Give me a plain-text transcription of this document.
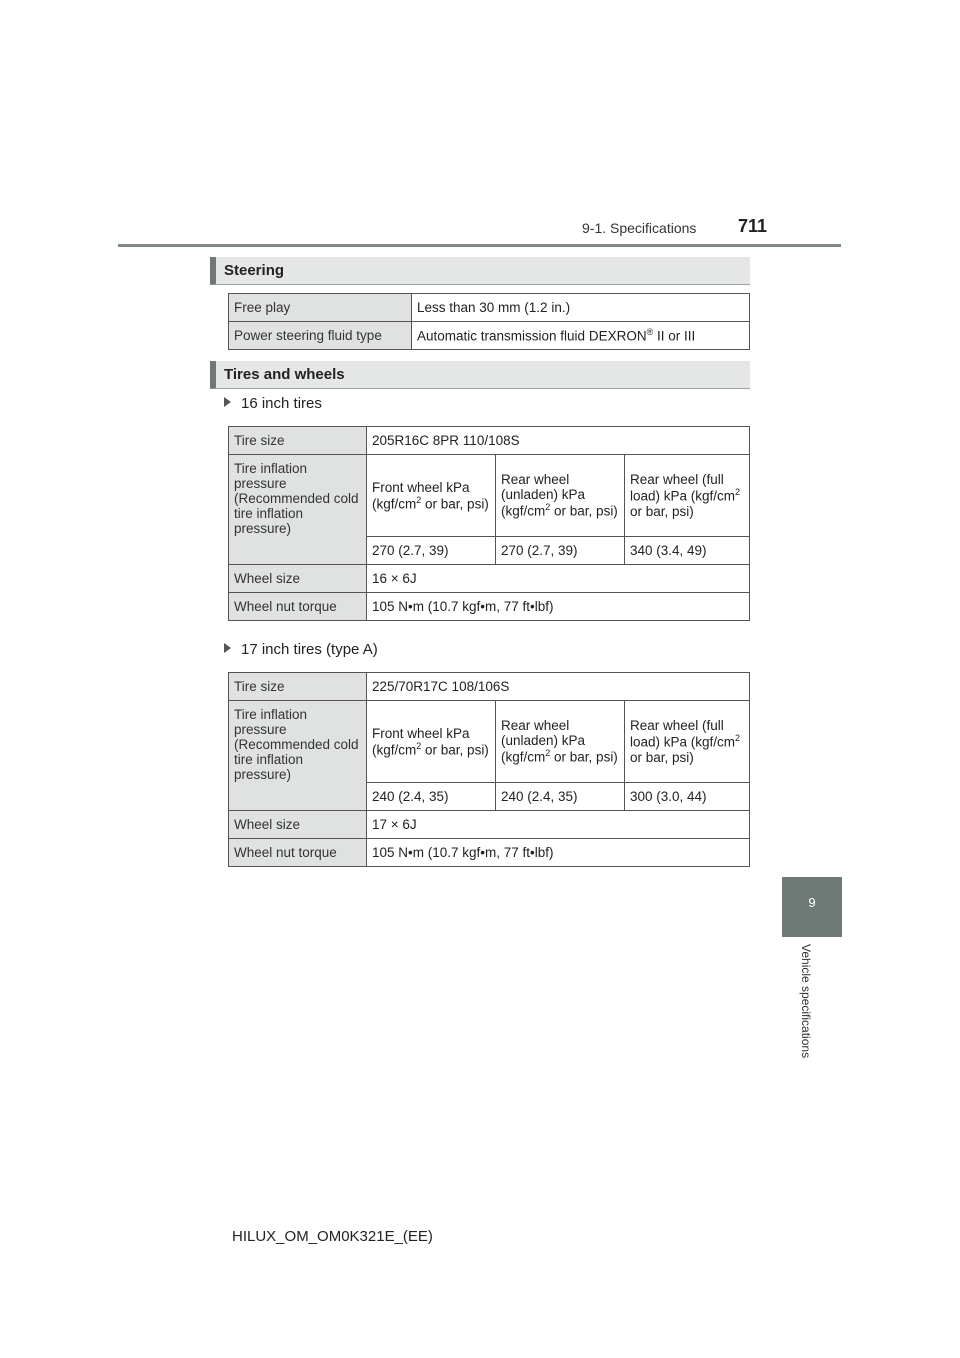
9-1. Specifications 711
9
Vehicle specifications
Steering
Free play	Less than 30 mm (1.2 in.)
Power steering fluid type	Automatic transmission fluid DEXRON® II or III
Tires and wheels
16 inch tires
Tire size	205R16C 8PR 110/108S		
Tire inflation pressure (Recommended cold tire inflation pressure)	Front wheel kPa ($kgf/cm^2$ or bar, psi)	Rear wheel (unladen) kPa ($kgf/cm^2$ or bar, psi)	Rear wheel (full load) kPa ($kgf/cm^2$ or bar, psi)
	270 (2.7, 39)	270 (2.7, 39)	340 (3.4, 49)
Wheel size	16 × 6J		
Wheel nut torque	105 N•m (10.7 kgf•m, 77 ft•lbf)		
17 inch tires (type A)
Tire size	225/70R17C 108/106S		
Tire inflation pressure (Recommended cold tire inflation pressure)	Front wheel kPa ($kgf/cm^2$ or bar, psi)	Rear wheel (unladen) kPa ($kgf/cm^2$ or bar, psi)	Rear wheel (full load) kPa ($kgf/cm^2$ or bar, psi)
	240 (2.4, 35)	240 (2.4, 35)	300 (3.0, 44)
Wheel size	17 × 6J		
Wheel nut torque	105 N•m (10.7 kgf•m, 77 ft•lbf)		
HILUX_OM_OM0K321E_(EE)
